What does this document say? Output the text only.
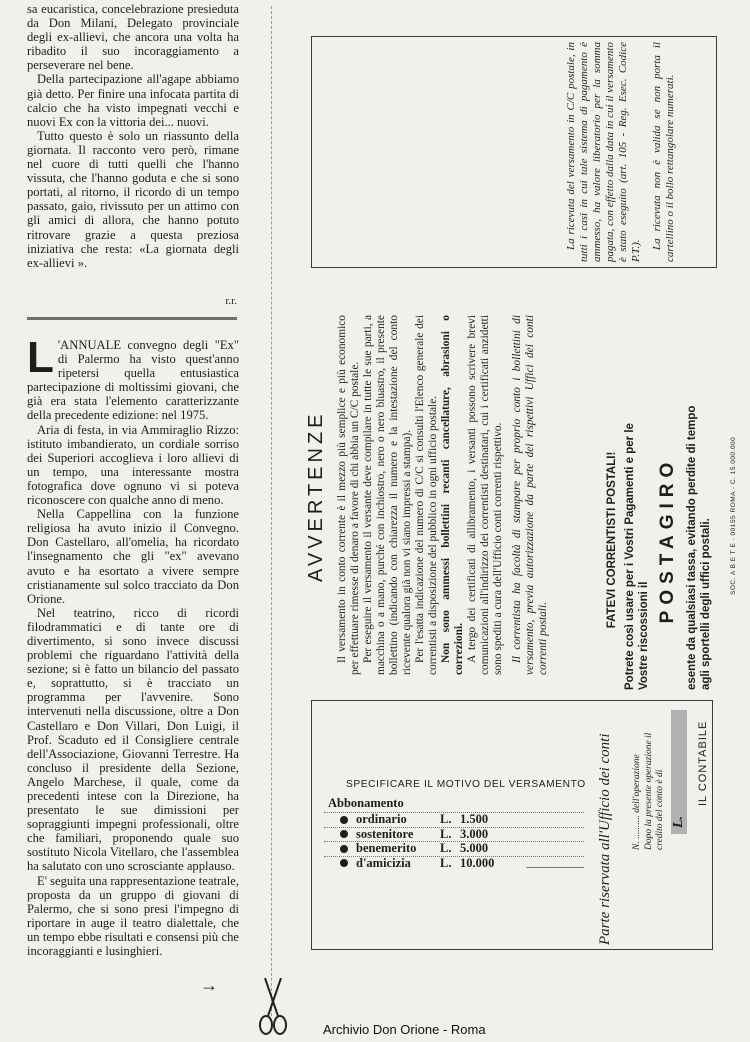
sa eucaristica, concelebrazione presieduta da Don Milani, Delegato provinciale degli ex-allievi, che ancora una volta ha ribadito il suo incoraggiamento a perseverare nel bene.

Della partecipazione all'agape abbiamo già detto. Per finire una infocata partita di calcio che ha visto impegnati vecchi e nuovi Ex con la vittoria dei... nuovi.

Tutto questo è solo un riassunto della giornata. Il racconto vero però, rimane nel cuore di tutti quelli che l'hanno vissuta, che l'hanno goduta e che si sono portati, al ritorno, il ricordo di un tempo passato, gaio, rivissuto per un attimo con gli amici di allora, che hanno potuto ritrovare grazie a questa preziosa iniziativa che resta: «La giornata degli ex-allievi ».

r.r.

L 'ANNUALE convegno degli "Ex" di Palermo ha visto quest'anno ripetersi quella entusiastica partecipazione di moltissimi giovani, che già era stata l'elemento caratterizzante della precedente edizione: nel 1975.

Aria di festa, in via Ammiraglio Rizzo: istituto imbandierato, un cordiale sorriso dei Superiori accoglieva i loro allievi di un tempo, una interessante mostra fotografica dove ognuno vi si poteva riconoscere con qualche anno di meno.

Nella Cappellina con la funzione religiosa ha avuto inizio il Convegno. Don Castellaro, all'omelia, ha ricordato l'insegnamento che gli "ex" avevano avuto e ha esortato a vivere sempre cristianamente sul solco tracciato da Don Orione.

Nel teatrino, ricco di ricordi filodrammatici e di tante ore di divertimento, si sono invece discussi problemi che riguardano l'attività della sezione; si è fatto un bilancio del passato e, soprattutto, si è tracciato un programma per l'avvenire. Sono intervenuti nella discussione, oltre a Don Castellaro e Don Villari, Don Luigi, il Prof. Scaduto ed il Consigliere centrale dell'Associazione, Giovanni Terrestre. Ha concluso il presidente della Sezione, Angelo Marchese, il quale, come da precedenti intese con la Direzione, ha presentato le sue dimissioni per sopraggiunti impegni professionali, oltre che familiari, proponendo quale suo sostituto Nicola Vitellaro, che l'assemblea ha salutato con uno scrosciante applauso.

E' seguita una rappresentazione teatrale, proposta da un gruppo di giovani di Palermo, che si sono presi l'impegno di riportare in auge il teatro dialettale, che un tempo ebbe risultati e consensi più che incoraggianti e lusinghieri.

→

La ricevuta del versamento in C/C postale, in tutti i casi in cui tale sistema di pagamento è ammesso, ha valore liberatorio per la somma pagata, con effetto dalla data in cui il versamento è stato eseguito (art. 105 - Reg. Esec. Codice P.T.).

La ricevuta non è valida se non porta il cartellino o il bollo rettangolare numerati.

AVVERTENZE Il versamento in conto corrente è il mezzo più semplice e più economico per effettuare rimesse di denaro a favore di chi abbia un C/C postale. Per eseguire il versamento il versante deve compilare in tutte le sue parti, a macchina o a mano, purché con inchiostro, nero o nero bluastro, il presente bollettino (indicando con chiarezza il numero e la intestazione del conto ricevente qualora già non vi siano impressi a stampa). Per l'esatta indicazione del numero di C/C si consulti l'Elenco generale dei correntisti a disposizione del pubblico in ogni ufficio postale. Non sono ammessi bollettini recanti cancellature, abrasioni o correzioni. A tergo dei certificati di allibramento, i versanti possono scrivere brevi comunicazioni all'indirizzo dei correntisti destinatari, cui i certificati anzidetti sono spediti a cura dell'Ufficio conti correnti rispettivo. Il correntista ha facoltà di stampare per proprio conto i bollettini di versamento, previa autorizzazione da parte dei rispettivi Uffici dei conti correnti postali.

FATEVI CORRENTISTI POSTALI! Potrete così usare per i Vostri Pagamenti e per le Vostre riscossioni il
POSTAGIRO esente da qualsiasi tassa, evitando perdite di tempo agli sportelli degli uffici postali.
SOC. A B E T E · 00155 ROMA · C. 15.000.000
Parte riservata all'Ufficio dei conti N. .......... dell'operazione Dopo la presente operazione il credito del conto è di L.
IL CONTABILE
SPECIFICARE IL MOTIVO DEL VERSAMENTO
Abbonamento
ordinario	L. 1.500
sostenitore	L. 3.000
benemerito	L. 5.000
d'amicizia	L. 10.000
Archivio Don Orione - Roma
